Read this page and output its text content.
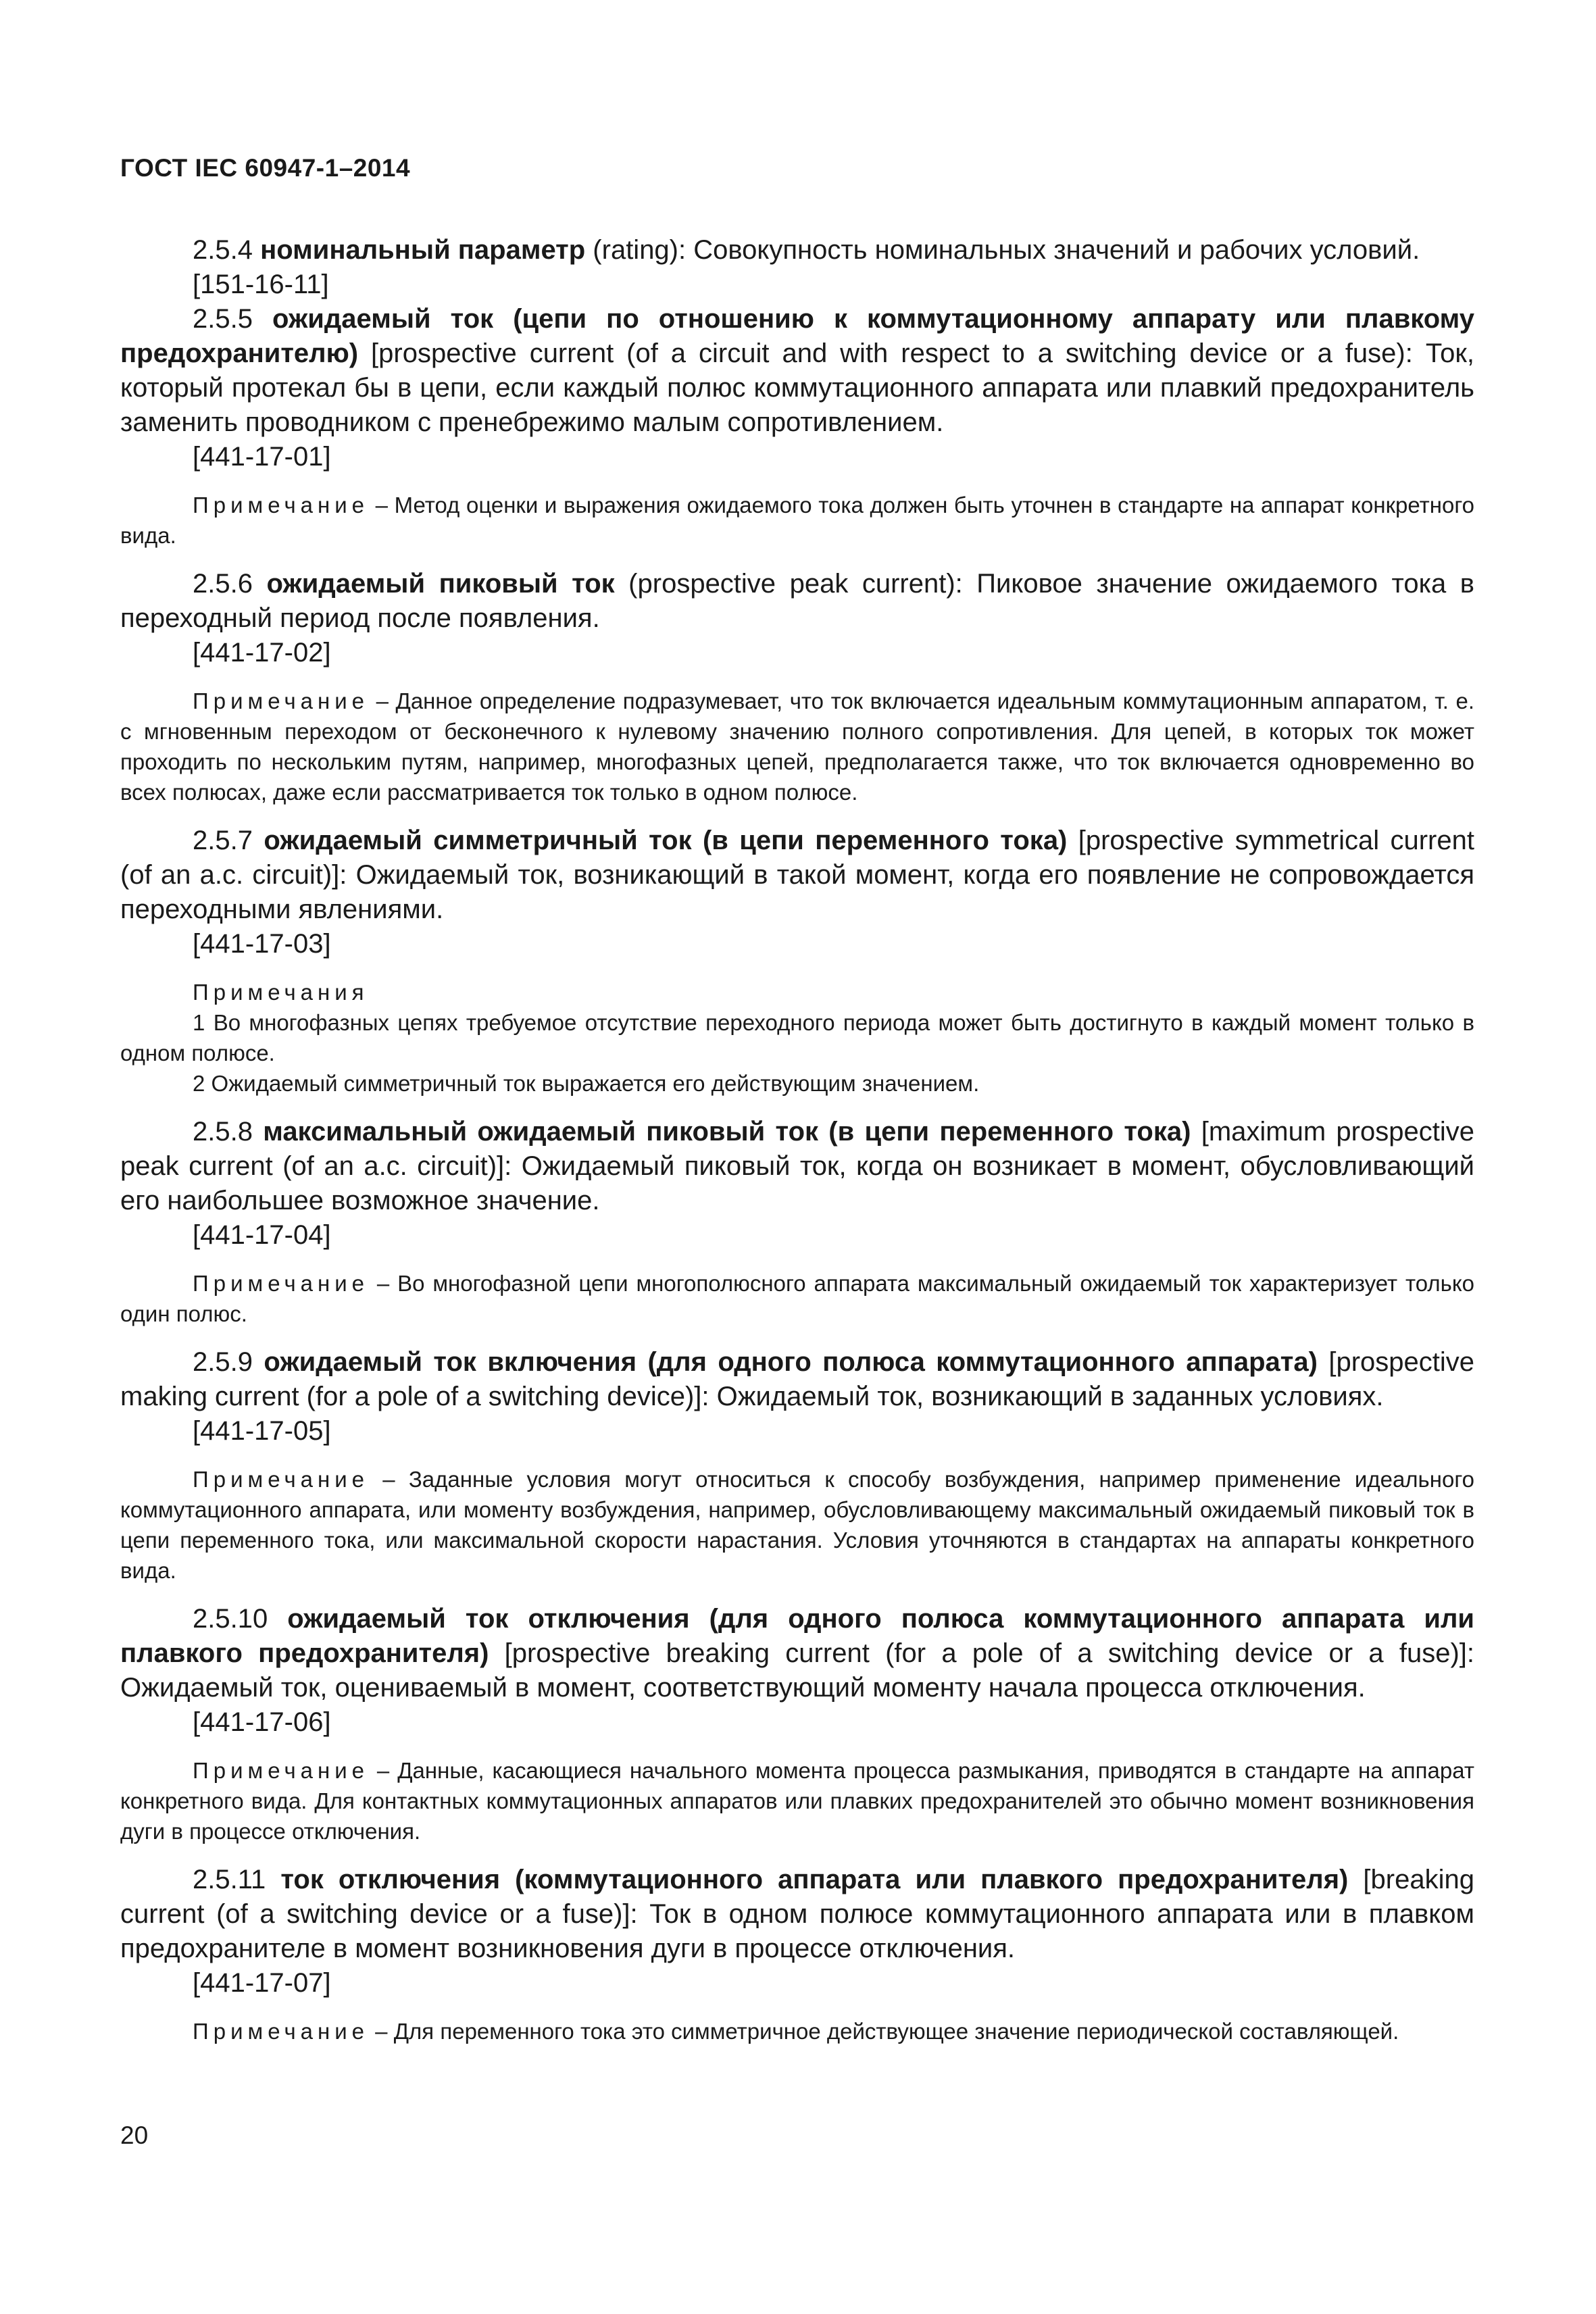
ГОСТ IEC 60947-1–2014

2.5.4 номинальный параметр (rating): Совокупность номинальных значений и рабочих условий.

[151-16-11]

2.5.5 ожидаемый ток (цепи по отношению к коммутационному аппарату или плавкому предохранителю) [prospective current (of a circuit and with respect to a switching device or a fuse): Ток, который протекал бы в цепи, если каждый полюс коммутационного аппарата или плавкий предохранитель заменить проводником с пренебрежимо малым сопротивлением.

[441-17-01]

Примечание – Метод оценки и выражения ожидаемого тока должен быть уточнен в стандарте на аппарат конкретного вида.

2.5.6 ожидаемый пиковый ток (prospective peak current): Пиковое значение ожидаемого тока в переходный период после появления.

[441-17-02]

Примечание – Данное определение подразумевает, что ток включается идеальным коммутационным аппаратом, т. е. с мгновенным переходом от бесконечного к нулевому значению полного сопротивления. Для цепей, в которых ток может проходить по нескольким путям, например, многофазных цепей, предполагается также, что ток включается одновременно во всех полюсах, даже если рассматривается ток только в одном полюсе.

2.5.7 ожидаемый симметричный ток (в цепи переменного тока) [prospective symmetrical current (of an a.c. circuit)]: Ожидаемый ток, возникающий в такой момент, когда его появление не сопровождается переходными явлениями.

[441-17-03]

Примечания

1 Во многофазных цепях требуемое отсутствие переходного периода может быть достигнуто в каждый момент только в одном полюсе.

2 Ожидаемый симметричный ток выражается его действующим значением.

2.5.8 максимальный ожидаемый пиковый ток (в цепи переменного тока) [maximum prospective peak current (of an a.c. circuit)]: Ожидаемый пиковый ток, когда он возникает в момент, обусловливающий его наибольшее возможное значение.

[441-17-04]

Примечание – Во многофазной цепи многополюсного аппарата максимальный ожидаемый ток характеризует только один полюс.

2.5.9 ожидаемый ток включения (для одного полюса коммутационного аппарата) [prospective making current (for a pole of a switching device)]: Ожидаемый ток, возникающий в заданных условиях.

[441-17-05]

Примечание – Заданные условия могут относиться к способу возбуждения, например применение идеального коммутационного аппарата, или моменту возбуждения, например, обусловливающему максимальный ожидаемый пиковый ток в цепи переменного тока, или максимальной скорости нарастания. Условия уточняются в стандартах на аппараты конкретного вида.

2.5.10 ожидаемый ток отключения (для одного полюса коммутационного аппарата или плавкого предохранителя) [prospective breaking current (for a pole of a switching device or a fuse)]: Ожидаемый ток, оцениваемый в момент, соответствующий моменту начала процесса отключения.

[441-17-06]

Примечание – Данные, касающиеся начального момента процесса размыкания, приводятся в стандарте на аппарат конкретного вида. Для контактных коммутационных аппаратов или плавких предохранителей это обычно момент возникновения дуги в процессе отключения.

2.5.11 ток отключения (коммутационного аппарата или плавкого предохранителя) [breaking current (of a switching device or a fuse)]: Ток в одном полюсе коммутационного аппарата или в плавком предохранителе в момент возникновения дуги в процессе отключения.

[441-17-07]

Примечание – Для переменного тока это симметричное действующее значение периодической составляющей.

20
